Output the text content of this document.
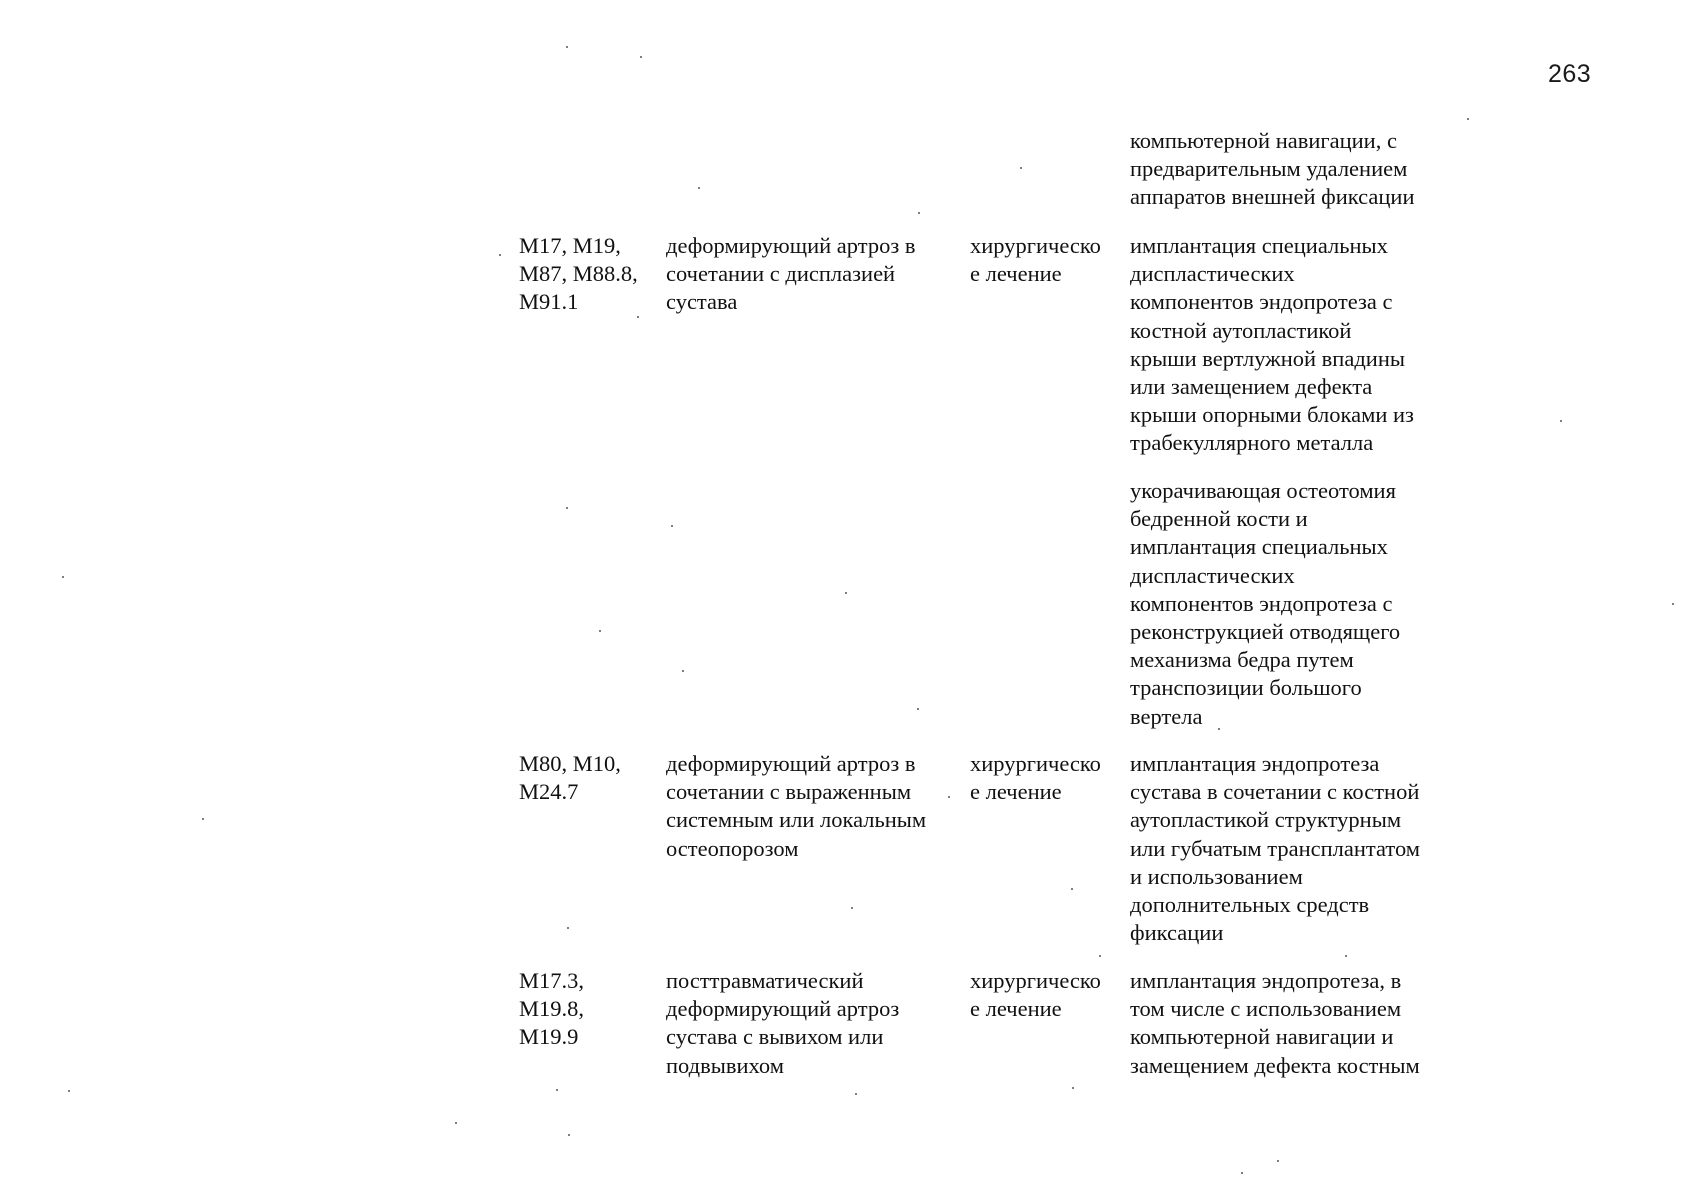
263
компьютерной навигации, с
предварительным удалением
аппаратов внешней фиксации
M17, M19,
M87, M88.8,
M91.1
деформирующий артроз в
сочетании с дисплазией
сустава
хирургическо
е лечение
имплантация специальных
диспластических
компонентов эндопротеза с
костной аутопластикой
крыши вертлужной впадины
или замещением дефекта
крыши опорными блоками из
трабекуллярного металла
укорачивающая остеотомия
бедренной кости и
имплантация специальных
диспластических
компонентов эндопротеза с
реконструкцией отводящего
механизма бедра путем
транспозиции большого
вертела
M80, M10,
M24.7
деформирующий артроз в
сочетании с выраженным
системным или локальным
остеопорозом
хирургическо
е лечение
имплантация эндопротеза
сустава в сочетании с костной
аутопластикой структурным
или губчатым трансплантатом
и использованием
дополнительных средств
фиксации
M17.3,
M19.8,
M19.9
посттравматический
деформирующий артроз
сустава с вывихом или
подвывихом
хирургическо
е лечение
имплантация эндопротеза, в
том числе с использованием
компьютерной навигации и
замещением дефекта костным
